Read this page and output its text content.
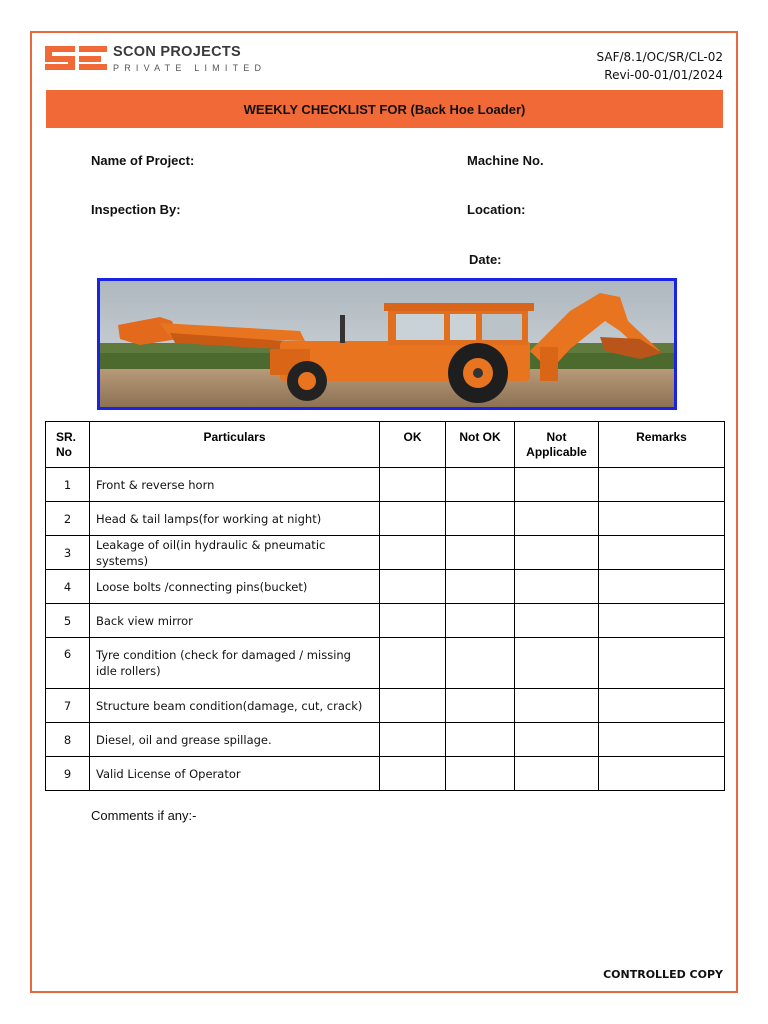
SCON PROJECTS
PRIVATE LIMITED
SAF/8.1/OC/SR/CL-02
Revi-00-01/01/2024
WEEKLY CHECKLIST FOR (Back Hoe Loader)
Name of Project:	Machine No.
Inspection By:	Location:
Date:
SR. No	Particulars	OK	Not OK	Not Applicable	Remarks
1	Front & reverse horn				
2	Head & tail lamps(for working at night)				
3	Leakage of oil(in hydraulic & pneumatic systems)				
4	Loose bolts /connecting pins(bucket)				
5	Back view mirror				
6	Tyre condition (check for damaged / missing idle rollers)				
7	Structure beam condition(damage, cut, crack)				
8	Diesel, oil and grease spillage.				
9	Valid License of Operator				
Comments if any:-
CONTROLLED COPY
